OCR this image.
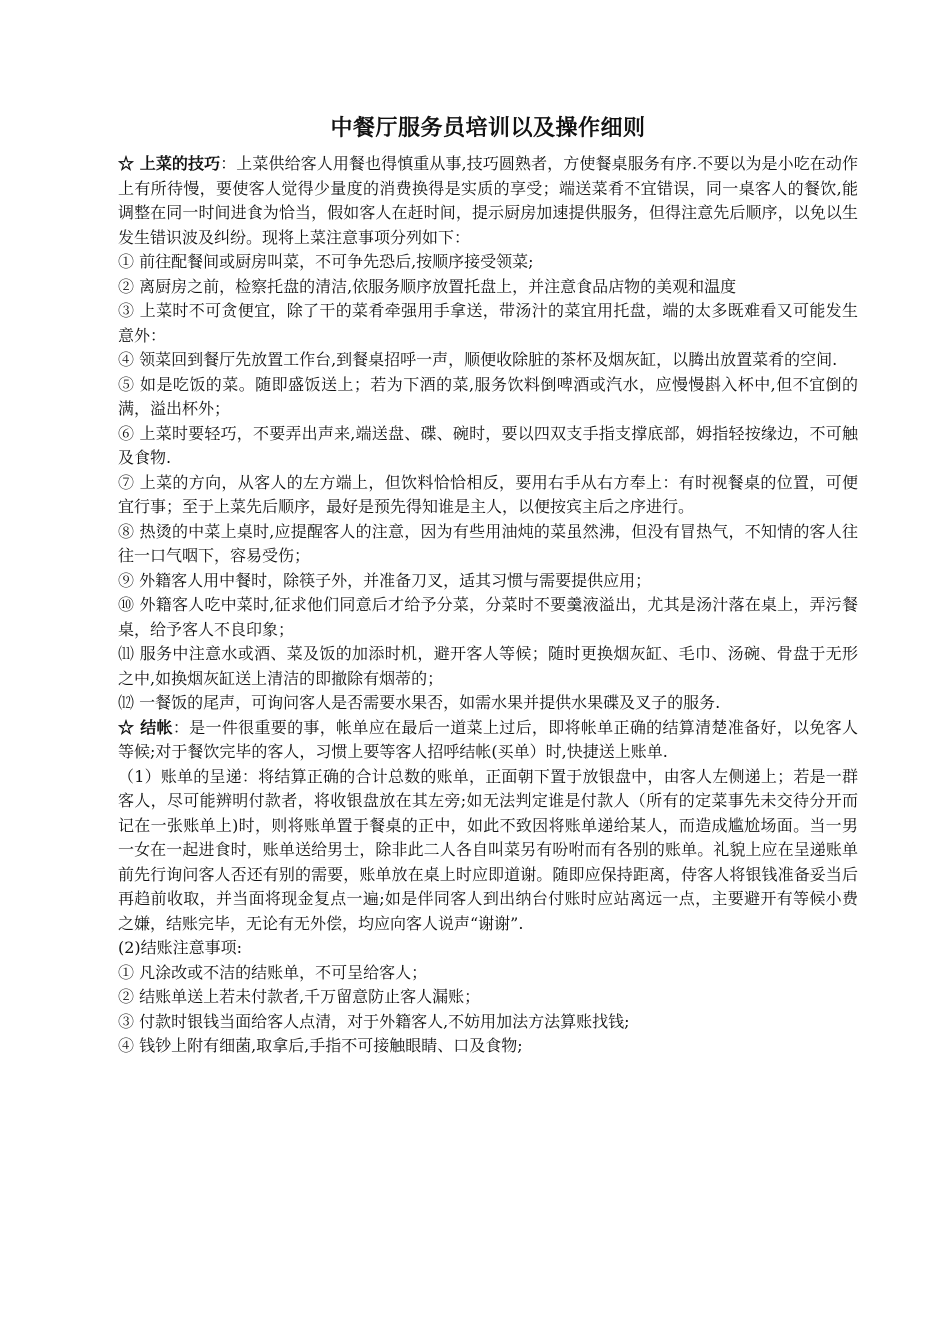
中餐厅服务员培训以及操作细则

☆ 上菜的技巧：上菜供给客人用餐也得慎重从事,技巧圆熟者，方使餐桌服务有序.不要以为是小吃在动作上有所待慢，要使客人觉得少量度的消费换得是实质的享受；端送菜肴不宜错误，同一桌客人的餐饮,能调整在同一时间进食为恰当，假如客人在赶时间，提示厨房加速提供服务，但得注意先后顺序，以免以生发生错识波及纠纷。现将上菜注意事项分列如下：

① 前往配餐间或厨房叫菜，不可争先恐后,按顺序接受领菜;

② 离厨房之前，检察托盘的清洁,依服务顺序放置托盘上，并注意食品店物的美观和温度

③ 上菜时不可贪便宜，除了干的菜肴牵强用手拿送，带汤汁的菜宜用托盘，端的太多既难看又可能发生意外：

④ 领菜回到餐厅先放置工作台,到餐桌招呼一声，顺便收除脏的茶杯及烟灰缸，以腾出放置菜肴的空间.

⑤ 如是吃饭的菜。随即盛饭送上；若为下酒的菜,服务饮料倒啤酒或汽水，应慢慢斟入杯中,但不宜倒的满，溢出杯外；

⑥ 上菜时要轻巧，不要弄出声来,端送盘、碟、碗时，要以四双支手指支撑底部，姆指轻按缘边，不可触及食物.

⑦ 上菜的方向，从客人的左方端上，但饮料恰恰相反，要用右手从右方奉上：有时视餐桌的位置，可便宜行事；至于上菜先后顺序，最好是预先得知谁是主人，以便按宾主后之序进行。

⑧ 热烫的中菜上桌时,应提醒客人的注意，因为有些用油炖的菜虽然沸，但没有冒热气，不知情的客人往往一口气咽下，容易受伤；

⑨ 外籍客人用中餐时，除筷子外，并准备刀叉，适其习惯与需要提供应用；

⑩ 外籍客人吃中菜时,征求他们同意后才给予分菜，分菜时不要羹液溢出，尤其是汤汁落在桌上，弄污餐桌，给予客人不良印象；

⑾ 服务中注意水或酒、菜及饭的加添时机，避开客人等候；随时更换烟灰缸、毛巾、汤碗、骨盘于无形之中,如换烟灰缸送上清洁的即撤除有烟蒂的；

⑿ 一餐饭的尾声，可询问客人是否需要水果否，如需水果并提供水果碟及叉子的服务.

☆ 结帐：是一件很重要的事，帐单应在最后一道菜上过后，即将帐单正确的结算清楚准备好，以免客人等候;对于餐饮完毕的客人，习惯上要等客人招呼结帐(买单）时,快捷送上账单.

（1）账单的呈递：将结算正确的合计总数的账单，正面朝下置于放银盘中，由客人左侧递上；若是一群客人，尽可能辨明付款者，将收银盘放在其左旁;如无法判定谁是付款人（所有的定菜事先未交待分开而记在一张账单上)时，则将账单置于餐桌的正中，如此不致因将账单递给某人，而造成尴尬场面。当一男一女在一起进食时，账单送给男士，除非此二人各自叫菜另有吩咐而有各别的账单。礼貌上应在呈递账单前先行询问客人否还有别的需要，账单放在桌上时应即道谢。随即应保持距离，侍客人将银钱准备妥当后再趋前收取，并当面将现金复点一遍;如是伴同客人到出纳台付账时应站离远一点，主要避开有等候小费之嫌，结账完毕，无论有无外偿，均应向客人说声“谢谢”.

(2)结账注意事项:

① 凡涂改或不洁的结账单，不可呈给客人；

② 结账单送上若未付款者,千万留意防止客人漏账；

③ 付款时银钱当面给客人点清，对于外籍客人,不妨用加法方法算账找钱;

④ 钱钞上附有细菌,取拿后,手指不可接触眼睛、口及食物;
